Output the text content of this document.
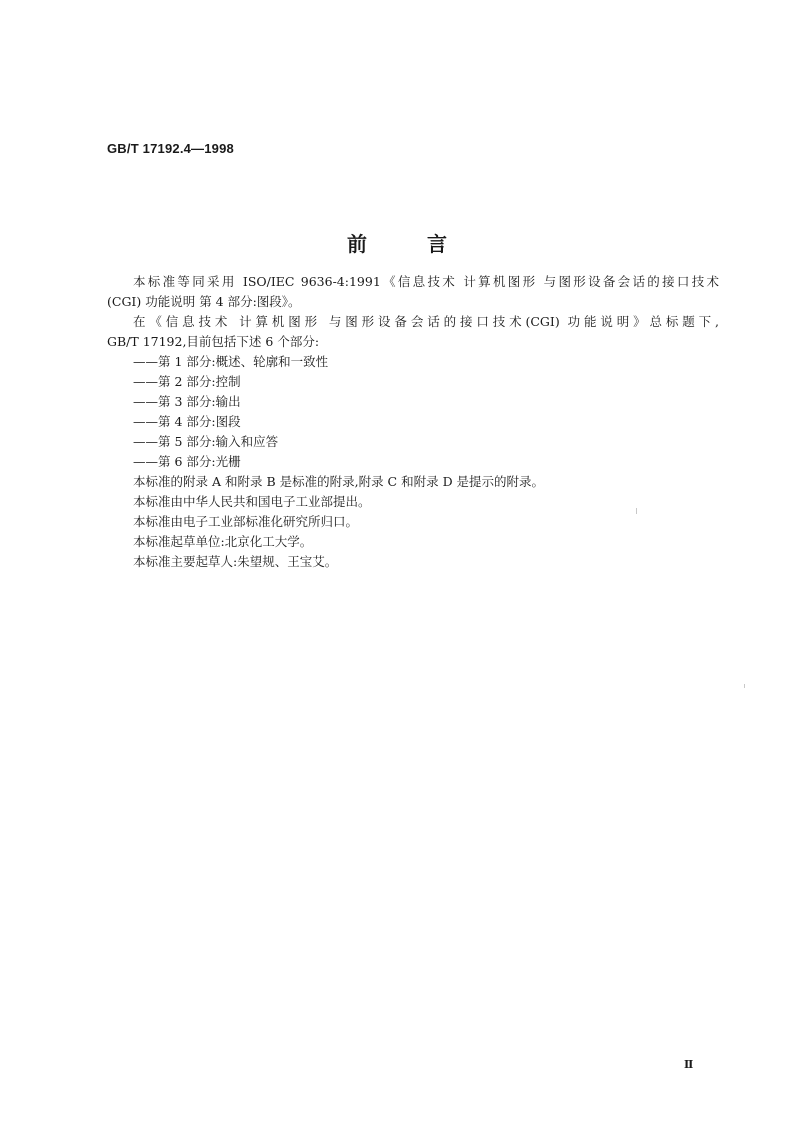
GB/T 17192.4—1998
前言

本标准等同采用 ISO/IEC 9636-4:1991《信息技术 计算机图形 与图形设备会话的接口技术

(CGI) 功能说明 第 4 部分:图段》。

在《信息技术 计算机图形 与图形设备会话的接口技术(CGI) 功能说明》总标题下,

GB/T 17192,目前包括下述 6 个部分:

——第 1 部分:概述、轮廓和一致性

——第 2 部分:控制

——第 3 部分:输出

——第 4 部分:图段

——第 5 部分:输入和应答

——第 6 部分:光栅

本标准的附录 A 和附录 B 是标准的附录,附录 C 和附录 D 是提示的附录。

本标准由中华人民共和国电子工业部提出。

本标准由电子工业部标准化研究所归口。

本标准起草单位:北京化工大学。

本标准主要起草人:朱望规、王宝艾。

Ⅱ
